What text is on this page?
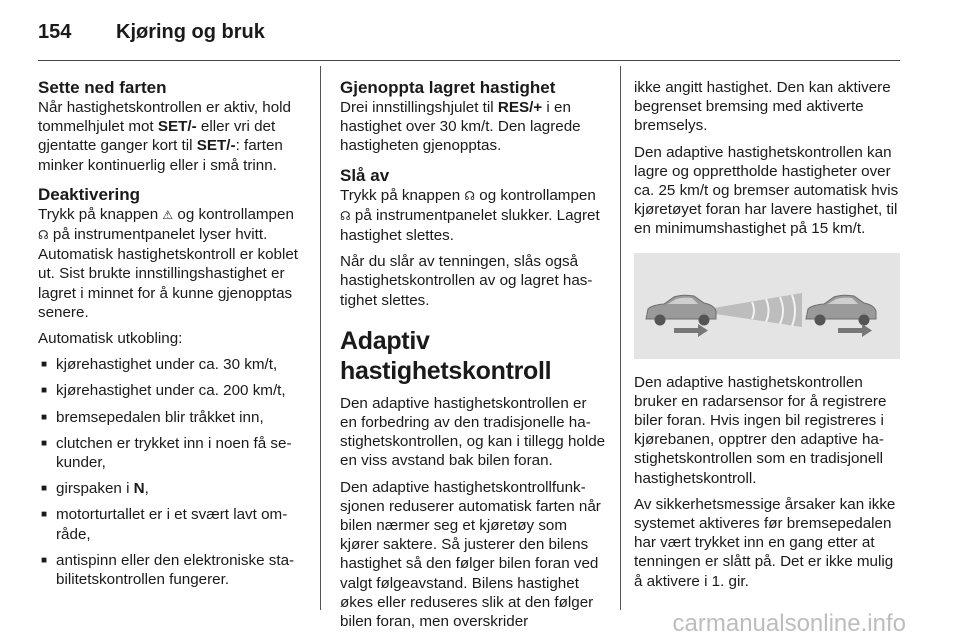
154	Kjøring og bruk
Sette ned farten

Når hastighetskontrollen er aktiv, hold tommelhjulet mot SET/- eller vri det gjentatte ganger kort til SET/-: farten minker kontinuerlig eller i små trinn.

Deaktivering

Trykk på knappen ⚠ og kontrollampen ☊ på instrumentpanelet lyser hvitt. Automatisk hastighetskontroll er koblet ut. Sist brukte innstillingshastighet er lagret i minnet for å kunne gjenopptas senere.

Automatisk utkobling:

■ kjørehastighet under ca. 30 km/t,
■ kjørehastighet under ca. 200 km/t,
■ bremsepedalen blir tråkket inn,
■ clutchen er trykket inn i noen få sekunder,
■ girspaken i N,
■ motorturtallet er i et svært lavt område,
■ antispinn eller den elektroniske stabilitetskontrollen fungerer.
Gjenoppta lagret hastighet

Drei innstillingshjulet til RES/+ i en hastighet over 30 km/t. Den lagrede hastigheten gjenopptas.

Slå av

Trykk på knappen ☊ og kontrollampen ☊ på instrumentpanelet slukker. Lagret hastighet slettes.

Når du slår av tenningen, slås også hastighetskontrollen av og lagret hastighet slettes.

Adaptiv hastighetskontroll

Den adaptive hastighetskontrollen er en forbedring av den tradisjonelle hastighetskontrollen, og kan i tillegg holde en viss avstand bak bilen foran.

Den adaptive hastighetskontrollfunksjonen reduserer automatisk farten når bilen nærmer seg et kjøretøy som kjører saktere. Så justerer den bilens hastighet så den følger bilen foran ved valgt følgeavstand. Bilens hastighet økes eller reduseres slik at den følger bilen foran, men overskrider

ikke angitt hastighet. Den kan aktivere begrenset bremsing med aktiverte bremselys.

Den adaptive hastighetskontrollen kan lagre og opprettholde hastigheter over ca. 25 km/t og bremser automatisk hvis kjøretøyet foran har lavere hastighet, til en minimumshastighet på 15 km/t.

Den adaptive hastighetskontrollen bruker en radarsensor for å registrere biler foran. Hvis ingen bil registreres i kjørebanen, opptrer den adaptive hastighetskontrollen som en tradisjonell hastighetskontroll.

Av sikkerhetsmessige årsaker kan ikke systemet aktiveres før bremsepedalen har vært trykket inn en gang etter at tenningen er slått på. Det er ikke mulig å aktivere i 1. gir.

carmanualsonline.info
